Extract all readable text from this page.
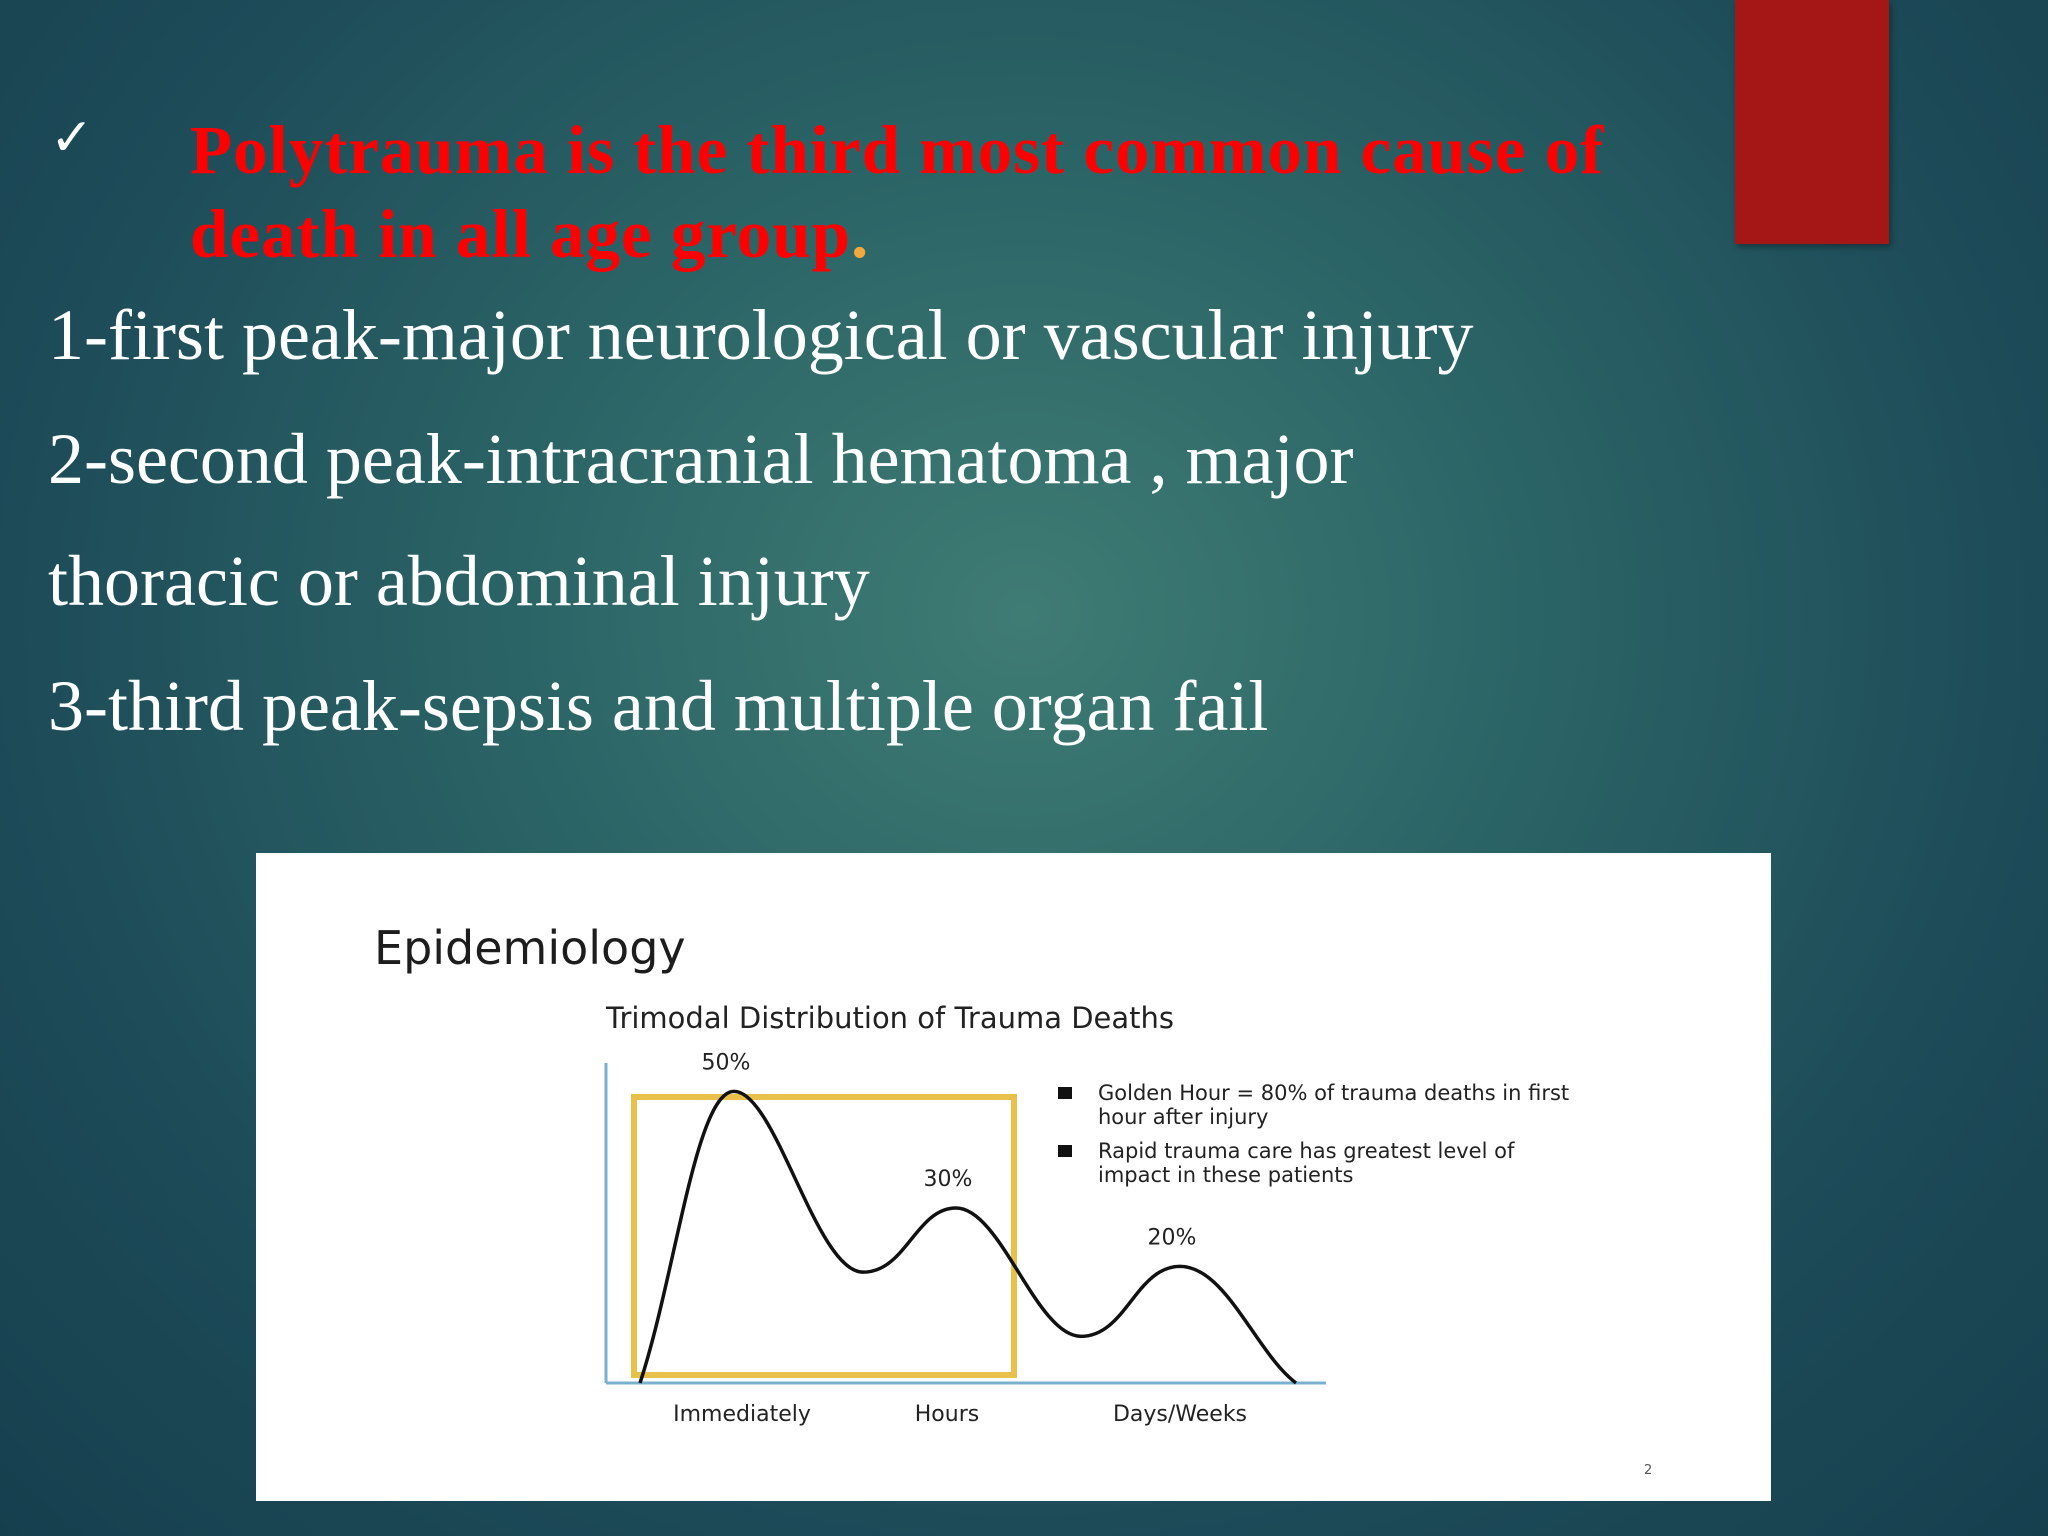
✓ Polytrauma is the third most common cause of death in all age group.
1-first peak-major neurological or vascular injury
2-second peak-intracranial hematoma , major
thoracic or abdominal injury
3-third peak-sepsis and multiple organ fail
Epidemiology
Trimodal Distribution of Trauma Deaths
50%
30%
20%
Immediately	Hours	Days/Weeks
Golden Hour = 80% of trauma deaths in first hour after injury
Rapid trauma care has greatest level of impact in these patients
2
